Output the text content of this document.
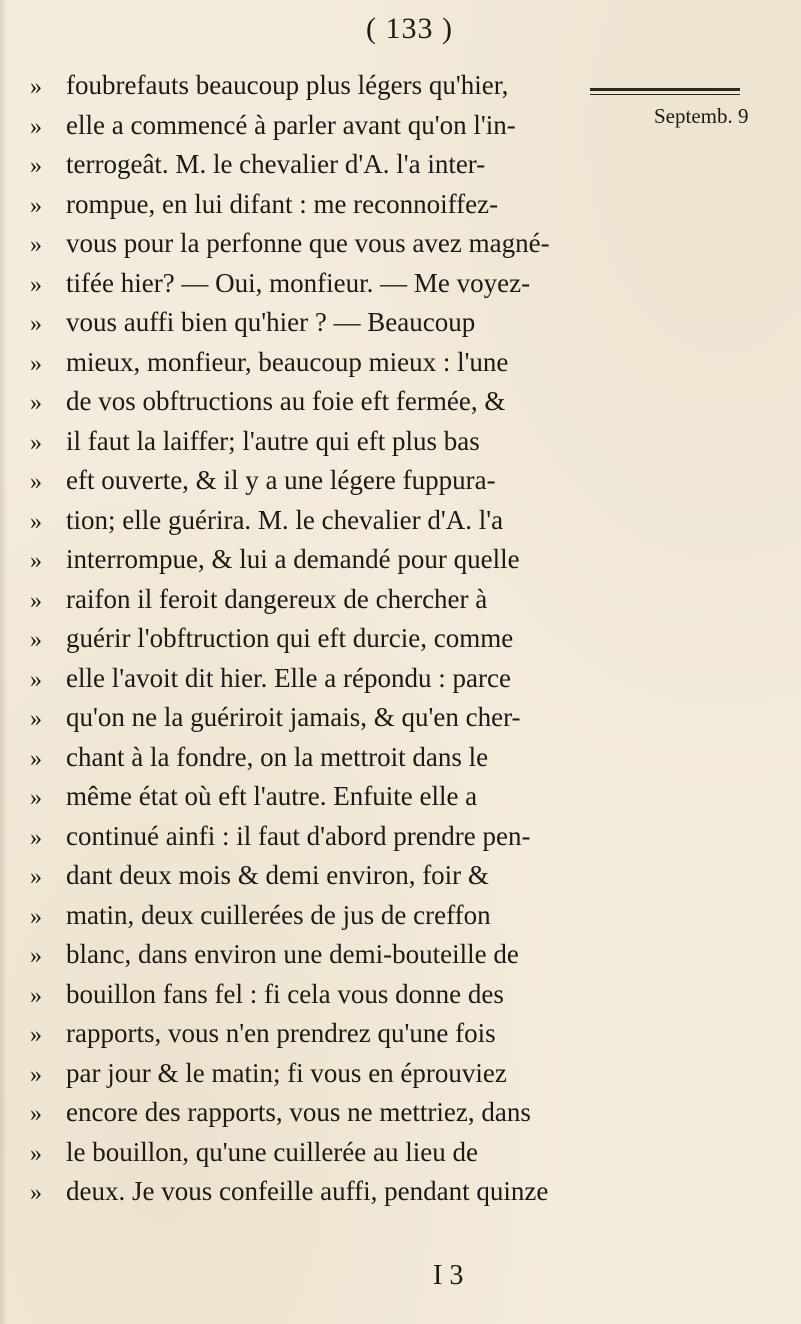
( 133 )
Septemb. 9
» foubrefauts beaucoup plus légers qu'hier,
» elle a commencé à parler avant qu'on l'in-
» terrogeât. M. le chevalier d'A. l'a inter-
» rompue, en lui difant : me reconnoiffez-
» vous pour la perfonne que vous avez magné-
» tifée hier? — Oui, monfieur. — Me voyez-
» vous auffi bien qu'hier ? — Beaucoup
» mieux, monfieur, beaucoup mieux : l'une
» de vos obftructions au foie eft fermée, &
» il faut la laiffer; l'autre qui eft plus bas
» eft ouverte, & il y a une légere fuppura-
» tion; elle guérira. M. le chevalier d'A. l'a
» interrompue, & lui a demandé pour quelle
» raifon il feroit dangereux de chercher à
» guérir l'obftruction qui eft durcie, comme
» elle l'avoit dit hier. Elle a répondu : parce
» qu'on ne la guériroit jamais, & qu'en cher-
» chant à la fondre, on la mettroit dans le
» même état où eft l'autre. Enfuite elle a
» continué ainfi : il faut d'abord prendre pen-
» dant deux mois & demi environ, foir &
» matin, deux cuillerées de jus de creffon
» blanc, dans environ une demi-bouteille de
» bouillon fans fel : fi cela vous donne des
» rapports, vous n'en prendrez qu'une fois
» par jour & le matin; fi vous en éprouviez
» encore des rapports, vous ne mettriez, dans
» le bouillon, qu'une cuillerée au lieu de
» deux. Je vous confeille auffi, pendant quinze
I 3
